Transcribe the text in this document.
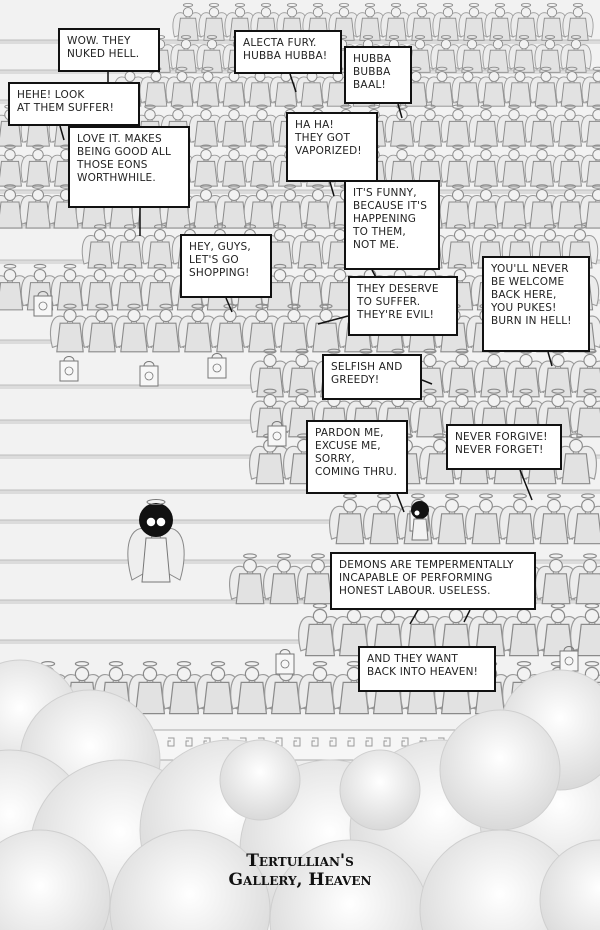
WOW. THEY
NUKED HELL.
ALECTA FURY.
HUBBA HUBBA!	HUBBA
BUBBA
BAAL!
HEHE! LOOK
AT THEM SUFFER!
LOVE IT. MAKES
BEING GOOD ALL
THOSE EONS
WORTHWHILE.
HA HA!
THEY GOT
VAPORIZED!
IT'S FUNNY,
BECAUSE IT'S
HAPPENING
TO THEM,
NOT ME.
HEY, GUYS,
LET'S GO
SHOPPING!
THEY DESERVE
TO SUFFER.
THEY'RE EVIL!
YOU'LL NEVER
BE WELCOME
BACK HERE,
YOU PUKES!
BURN IN HELL!
SELFISH AND
GREEDY!
PARDON ME,
EXCUSE ME,
SORRY,
COMING THRU.
NEVER FORGIVE!
NEVER FORGET!
DEMONS ARE TEMPERMENTALLY
INCAPABLE OF PERFORMING
HONEST LABOUR. USELESS.
AND THEY WANT
BACK INTO HEAVEN!
Tertullian's
Gallery, Heaven
